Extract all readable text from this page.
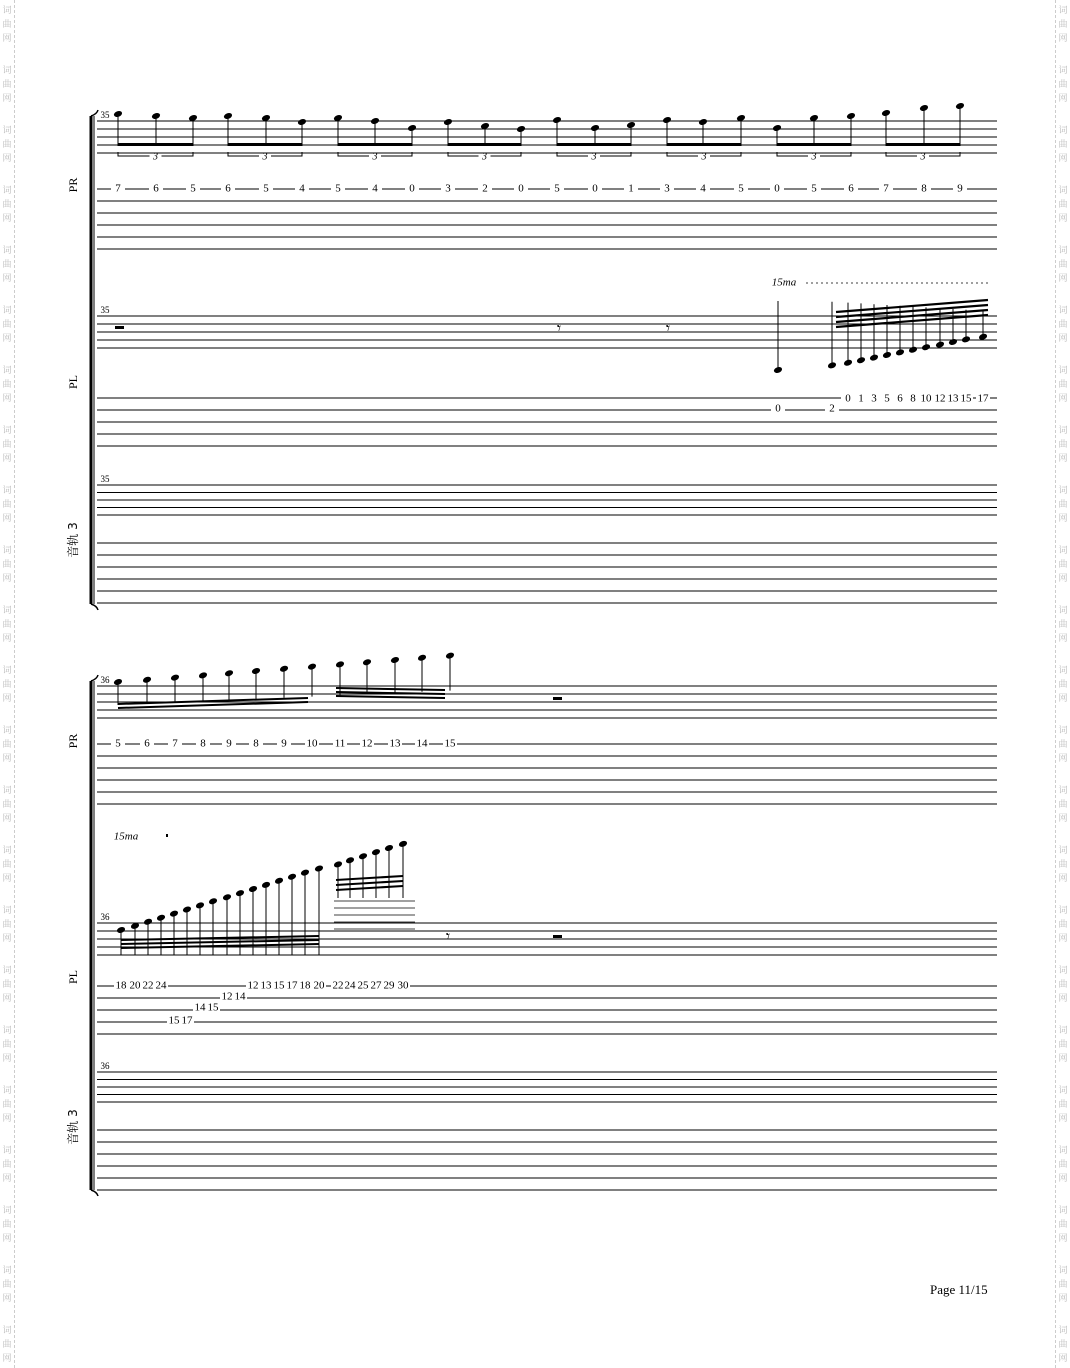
词
曲
网
词
曲
网
词
曲
网
词
曲
网
词
曲
网
词
曲
网
词
曲
网
词
曲
网
词
曲
网
词
曲
网
词
曲
网
词
曲
网
词
曲
网
词
曲
网
词
曲
网
词
曲
网
词
曲
网
词
曲
网
词
曲
网
词
曲
网
词
曲
网
词
曲
网
词
曲
网
词
曲
网
词
曲
网
词
曲
网
词
曲
网
词
曲
网
词
曲
网
词
曲
网
词
曲
网
词
曲
网
词
曲
网
词
曲
网
词
曲
网
词
曲
网
词
曲
网
词
曲
网
词
曲
网
词
曲
网
词
曲
网
词
曲
网
词
曲
网
词
曲
网
词
曲
网
词
曲
网
35
PR	7	6	5	6	5	4	5	4	0	3	2	0	5	0	1	3	4	5	0	5	6	7	8	9
3	3	3	3	3	3	3	3
35
PL
𝄾	𝄾
15ma
0	2
0 1 3 5 6 8 10 12 13 15 17
35
音轨 3
36
PR	5 6 7 8 9 8 9 10 11 12 13 14 15
36
PL
15ma
18 20 22 24
15 17
14 15
12 14
12 13 15 17 18 20 22 24 25 27 29 30
𝄾
36
音轨 3
Page 11/15
